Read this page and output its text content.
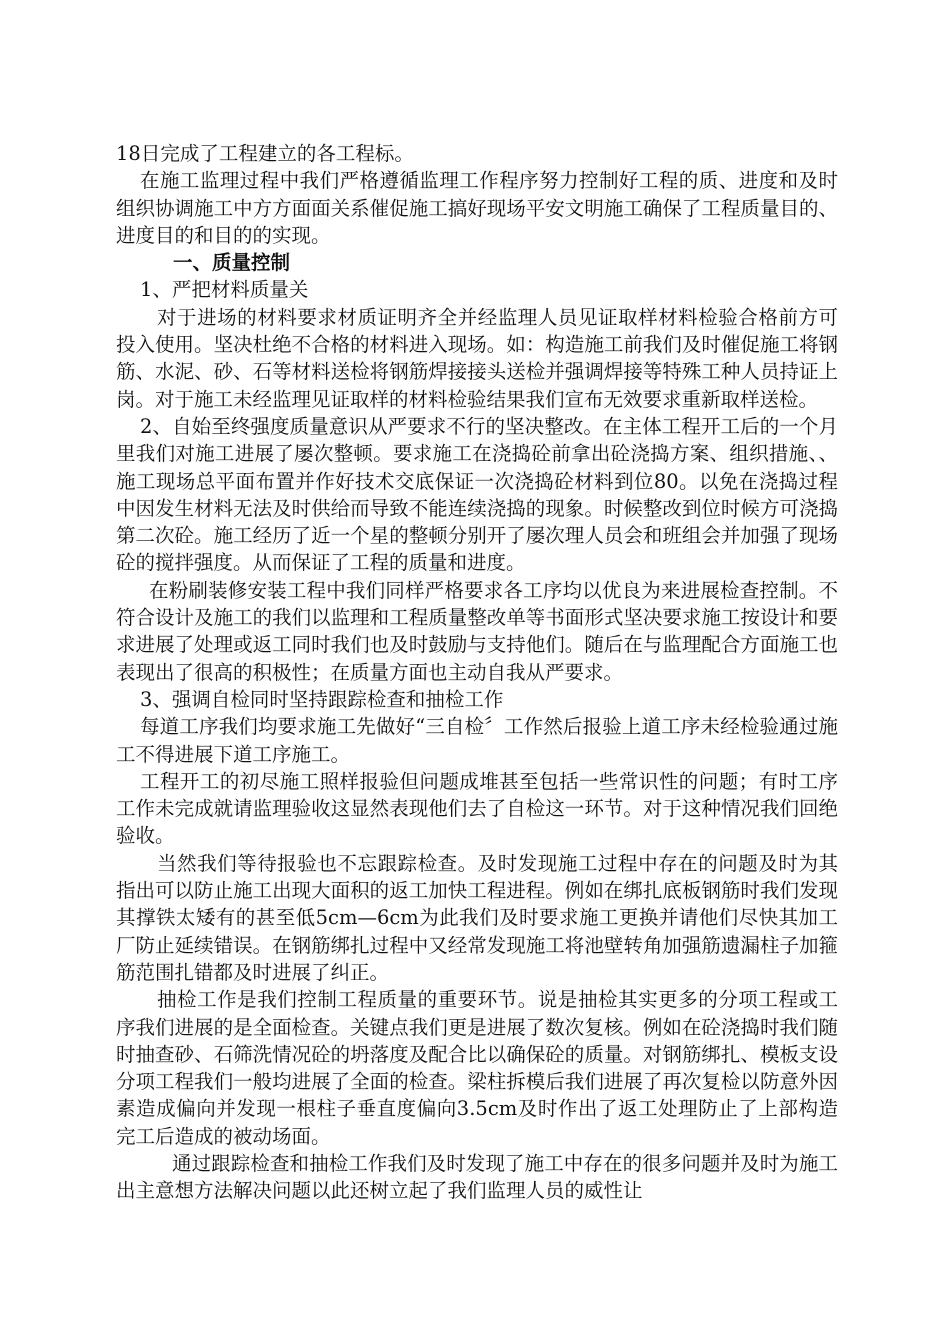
18日完成了工程建立的各工程标。

在施工监理过程中我们严格遵循监理工作程序努力控制好工程的质、进度和及时组织协调施工中方方面面关系催促施工搞好现场平安文明施工确保了工程质量目的、进度目的和目的的实现。

一、质量控制

1、严把材料质量关

对于进场的材料要求材质证明齐全并经监理人员见证取样材料检验合格前方可投入使用。坚决杜绝不合格的材料进入现场。如：构造施工前我们及时催促施工将钢筋、水泥、砂、石等材料送检将钢筋焊接接头送检并强调焊接等特殊工种人员持证上岗。对于施工未经监理见证取样的材料检验结果我们宣布无效要求重新取样送检。

2、自始至终强度质量意识从严要求不行的坚决整改。在主体工程开工后的一个月里我们对施工进展了屡次整顿。要求施工在浇捣砼前拿出砼浇捣方案、组织措施、、施工现场总平面布置并作好技术交底保证一次浇捣砼材料到位80。以免在浇捣过程中因发生材料无法及时供给而导致不能连续浇捣的现象。时候整改到位时候方可浇捣第二次砼。施工经历了近一个星的整顿分别开了屡次理人员会和班组会并加强了现场砼的搅拌强度。从而保证了工程的质量和进度。

在粉刷装修安装工程中我们同样严格要求各工序均以优良为来进展检查控制。不符合设计及施工的我们以监理和工程质量整改单等书面形式坚决要求施工按设计和要求进展了处理或返工同时我们也及时鼓励与支持他们。随后在与监理配合方面施工也表现出了很高的积极性；在质量方面也主动自我从严要求。

3、强调自检同时坚持跟踪检查和抽检工作

每道工序我们均要求施工先做好“三自检〞工作然后报验上道工序未经检验通过施工不得进展下道工序施工。

工程开工的初尽施工照样报验但问题成堆甚至包括一些常识性的问题；有时工序工作未完成就请监理验收这显然表现他们去了自检这一环节。对于这种情况我们回绝验收。

当然我们等待报验也不忘跟踪检查。及时发现施工过程中存在的问题及时为其指出可以防止施工出现大面积的返工加快工程进程。例如在绑扎底板钢筋时我们发现其撑铁太矮有的甚至低5cm—6cm为此我们及时要求施工更换并请他们尽快其加工厂防止延续错误。在钢筋绑扎过程中又经常发现施工将池壁转角加强筋遗漏柱子加箍筋范围扎错都及时进展了纠正。

抽检工作是我们控制工程质量的重要环节。说是抽检其实更多的分项工程或工序我们进展的是全面检查。关键点我们更是进展了数次复核。例如在砼浇捣时我们随时抽查砂、石筛洗情况砼的坍落度及配合比以确保砼的质量。对钢筋绑扎、模板支设分项工程我们一般均进展了全面的检查。梁柱拆模后我们进展了再次复检以防意外因素造成偏向并发现一根柱子垂直度偏向3.5cm及时作出了返工处理防止了上部构造完工后造成的被动场面。

通过跟踪检查和抽检工作我们及时发现了施工中存在的很多问题并及时为施工出主意想方法解决问题以此还树立起了我们监理人员的威性让
